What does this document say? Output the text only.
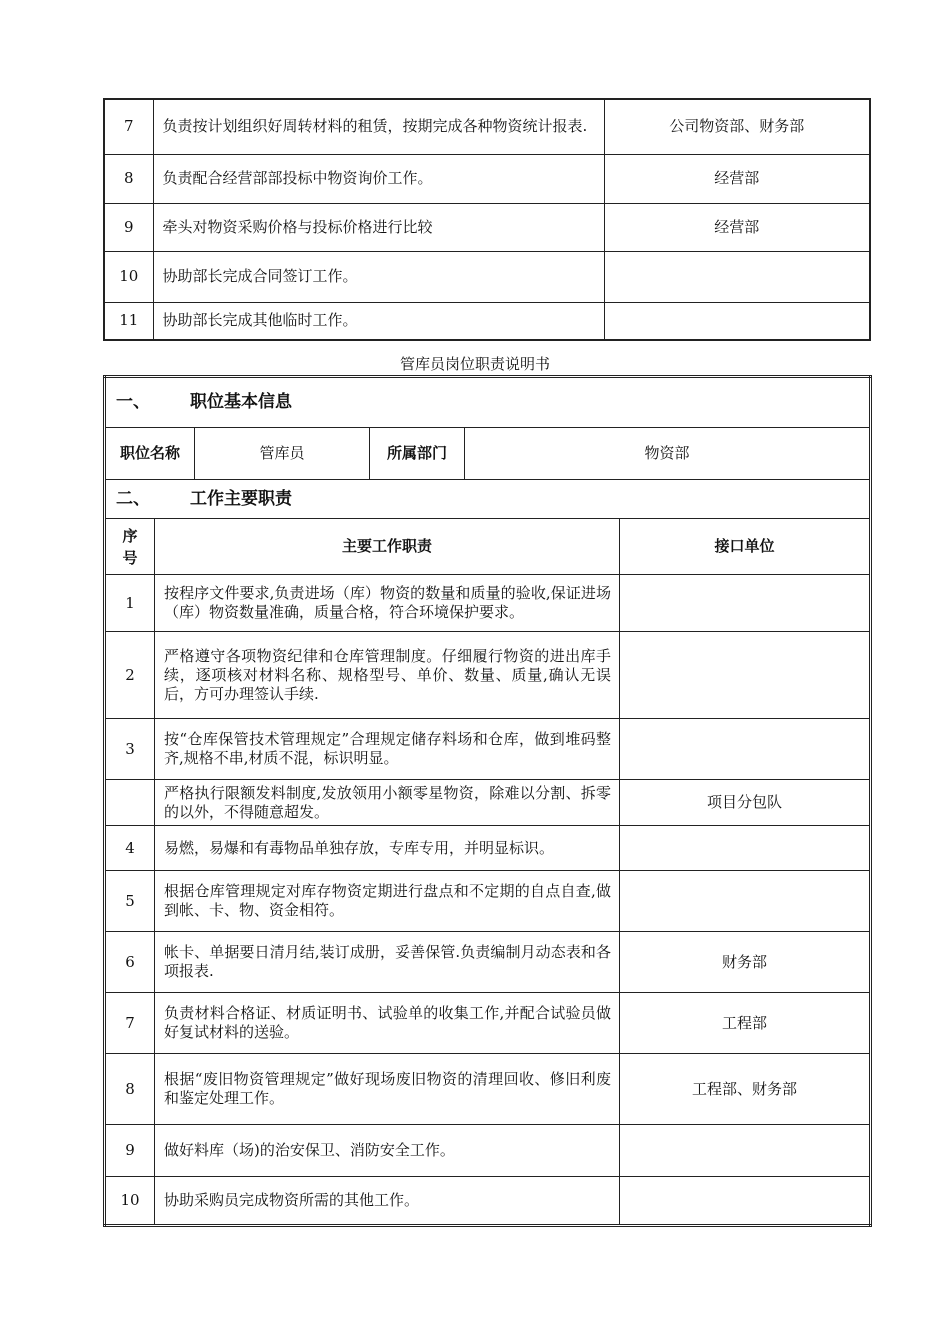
7	负责按计划组织好周转材料的租赁，按期完成各种物资统计报表.	公司物资部、财务部
8	负责配合经营部部投标中物资询价工作。	经营部
9	牵头对物资采购价格与投标价格进行比较	经营部
10	协助部长完成合同签订工作。	
11	协助部长完成其他临时工作。	
管库员岗位职责说明书
一、 职位基本信息					
职位名称		管库员	所属部门	物资部	
二、 工作主要职责					
序号	主要工作职责				接口单位
1	按程序文件要求,负责进场（库）物资的数量和质量的验收,保证进场（库）物资数量准确，质量合格，符合环境保护要求。				
2	严格遵守各项物资纪律和仓库管理制度。仔细履行物资的进出库手续，逐项核对材料名称、规格型号、单价、数量、质量,确认无误后，方可办理签认手续.				
3	按“仓库保管技术管理规定”合理规定储存料场和仓库，做到堆码整齐,规格不串,材质不混，标识明显。				
	严格执行限额发料制度,发放领用小额零星物资，除难以分割、拆零的以外，不得随意超发。				项目分包队
4	易燃，易爆和有毒物品单独存放，专库专用，并明显标识。				
5	根据仓库管理规定对库存物资定期进行盘点和不定期的自点自查,做到帐、卡、物、资金相符。				
6	帐卡、单据要日清月结,装订成册，妥善保管.负责编制月动态表和各项报表.				财务部
7	负责材料合格证、材质证明书、试验单的收集工作,并配合试验员做好复试材料的送验。				工程部
8	根据“废旧物资管理规定”做好现场废旧物资的清理回收、修旧利废和鉴定处理工作。				工程部、财务部
9	做好料库（场)的治安保卫、消防安全工作。				
10	协助采购员完成物资所需的其他工作。				
